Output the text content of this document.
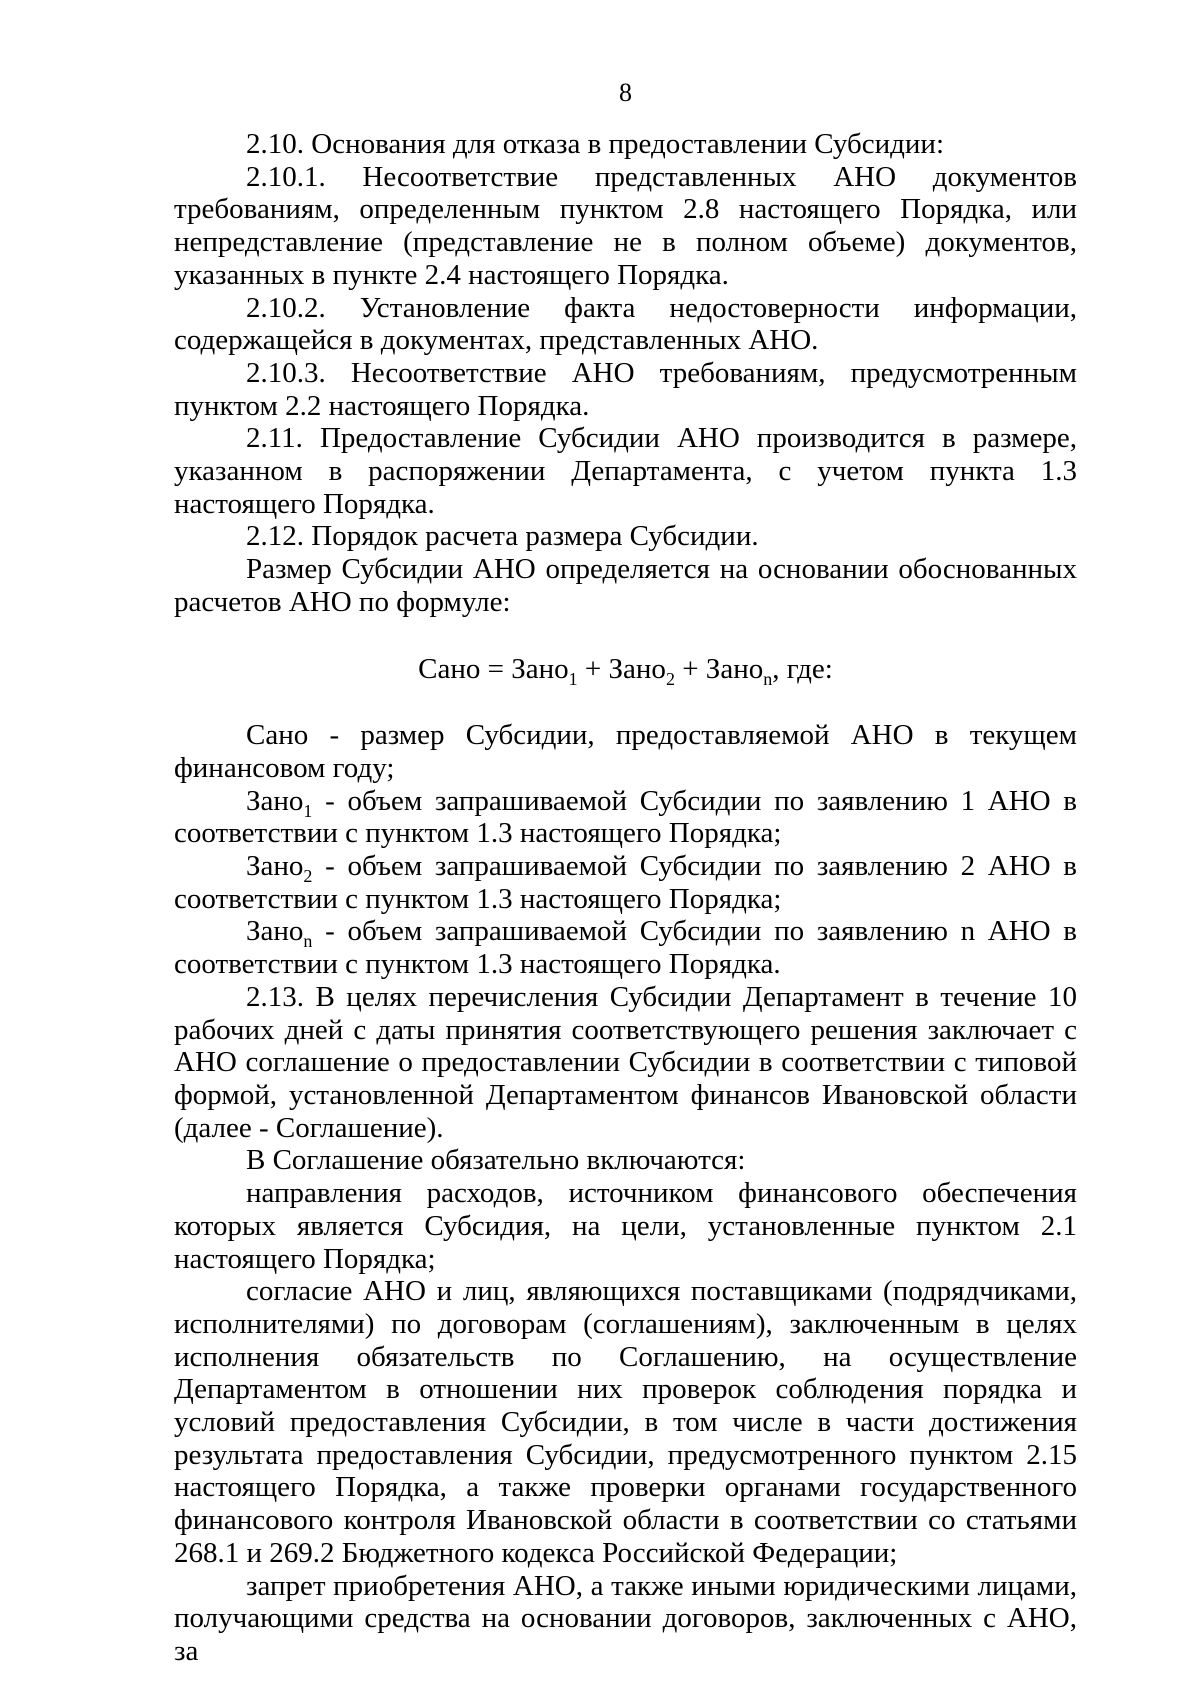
8

2.10. Основания для отказа в предоставлении Субсидии:

2.10.1. Несоответствие представленных АНО документов требованиям, определенным пунктом 2.8 настоящего Порядка, или непредставление (представление не в полном объеме) документов, указанных в пункте 2.4 настоящего Порядка.

2.10.2. Установление факта недостоверности информации, содержащейся в документах, представленных АНО.

2.10.3. Несоответствие АНО требованиям, предусмотренным пунктом 2.2 настоящего Порядка.

2.11. Предоставление Субсидии АНО производится в размере, указанном в распоряжении Департамента, с учетом пункта 1.3 настоящего Порядка.

2.12. Порядок расчета размера Субсидии.

Размер Субсидии АНО определяется на основании обоснованных расчетов АНО по формуле:

Сано = Зано$_1$ + Зано$_2$ + Зано$_n$, где:

Сано - размер Субсидии, предоставляемой АНО в текущем финансовом году;

Зано$_1$ - объем запрашиваемой Субсидии по заявлению 1 АНО в соответствии с пунктом 1.3 настоящего Порядка;

Зано$_2$ - объем запрашиваемой Субсидии по заявлению 2 АНО в соответствии с пунктом 1.3 настоящего Порядка;

Зано$_n$ - объем запрашиваемой Субсидии по заявлению n АНО в соответствии с пунктом 1.3 настоящего Порядка.

2.13. В целях перечисления Субсидии Департамент в течение 10 рабочих дней с даты принятия соответствующего решения заключает с АНО соглашение о предоставлении Субсидии в соответствии с типовой формой, установленной Департаментом финансов Ивановской области (далее - Соглашение).

В Соглашение обязательно включаются:

направления расходов, источником финансового обеспечения которых является Субсидия, на цели, установленные пунктом 2.1 настоящего Порядка;

согласие АНО и лиц, являющихся поставщиками (подрядчиками, исполнителями) по договорам (соглашениям), заключенным в целях исполнения обязательств по Соглашению, на осуществление Департаментом в отношении них проверок соблюдения порядка и условий предоставления Субсидии, в том числе в части достижения результата предоставления Субсидии, предусмотренного пунктом 2.15 настоящего Порядка, а также проверки органами государственного финансового контроля Ивановской области в соответствии со статьями 268.1 и 269.2 Бюджетного кодекса Российской Федерации;

запрет приобретения АНО, а также иными юридическими лицами, получающими средства на основании договоров, заключенных с АНО, за
